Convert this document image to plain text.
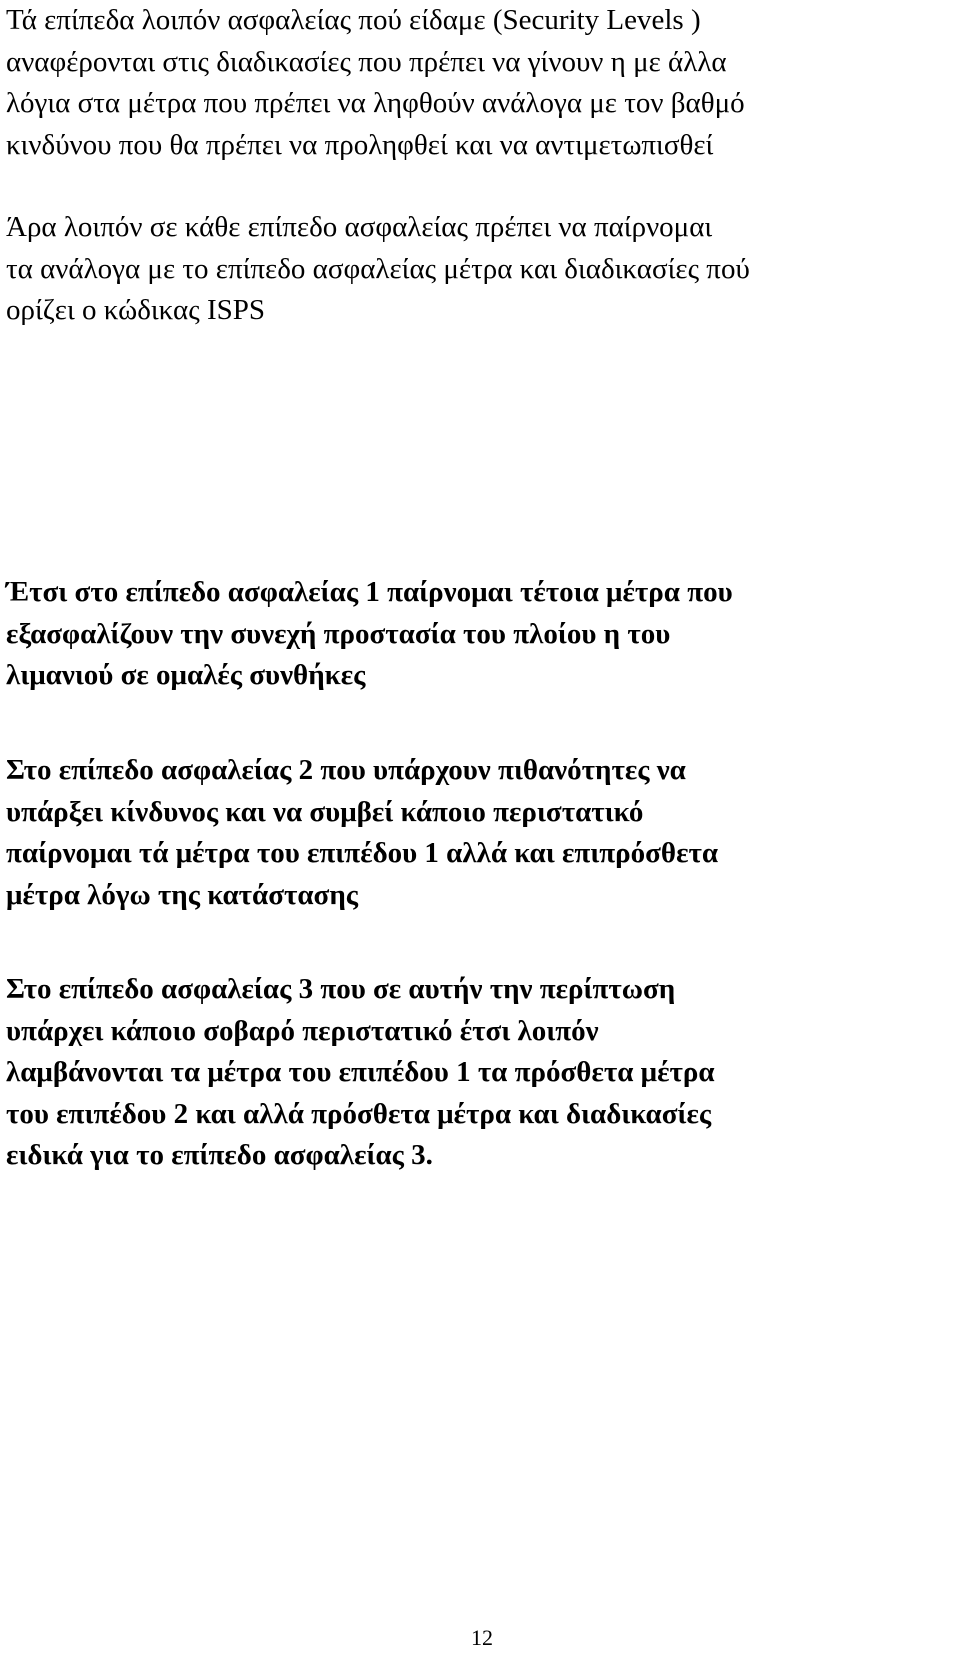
Τά επίπεδα λοιπόν ασφαλείας πού είδαμε (Security Levels )
αναφέρονται στις διαδικασίες που πρέπει να γίνουν η με άλλα
λόγια στα μέτρα που πρέπει να ληφθούν ανάλογα με τον βαθμό
κινδύνου που θα πρέπει να προληφθεί και να αντιμετωπισθεί

Άρα λοιπόν σε κάθε επίπεδο ασφαλείας πρέπει να παίρνομαι
τα ανάλογα με το επίπεδο ασφαλείας μέτρα και διαδικασίες πού
ορίζει ο κώδικας ISPS

Έτσι στο επίπεδο ασφαλείας 1 παίρνομαι τέτοια μέτρα που
εξασφαλίζουν την συνεχή προστασία του πλοίου η του
λιμανιού σε ομαλές συνθήκες

Στο επίπεδο ασφαλείας 2 που υπάρχουν πιθανότητες να
υπάρξει κίνδυνος και να συμβεί κάποιο περιστατικό
παίρνομαι τά μέτρα του επιπέδου 1 αλλά και επιπρόσθετα
μέτρα λόγω της κατάστασης

Στο επίπεδο ασφαλείας 3 που σε αυτήν την περίπτωση
υπάρχει κάποιο σοβαρό περιστατικό έτσι λοιπόν
λαμβάνονται τα μέτρα του επιπέδου 1 τα πρόσθετα μέτρα
του επιπέδου 2 και αλλά πρόσθετα μέτρα και διαδικασίες
ειδικά για το επίπεδο ασφαλείας 3.

12
